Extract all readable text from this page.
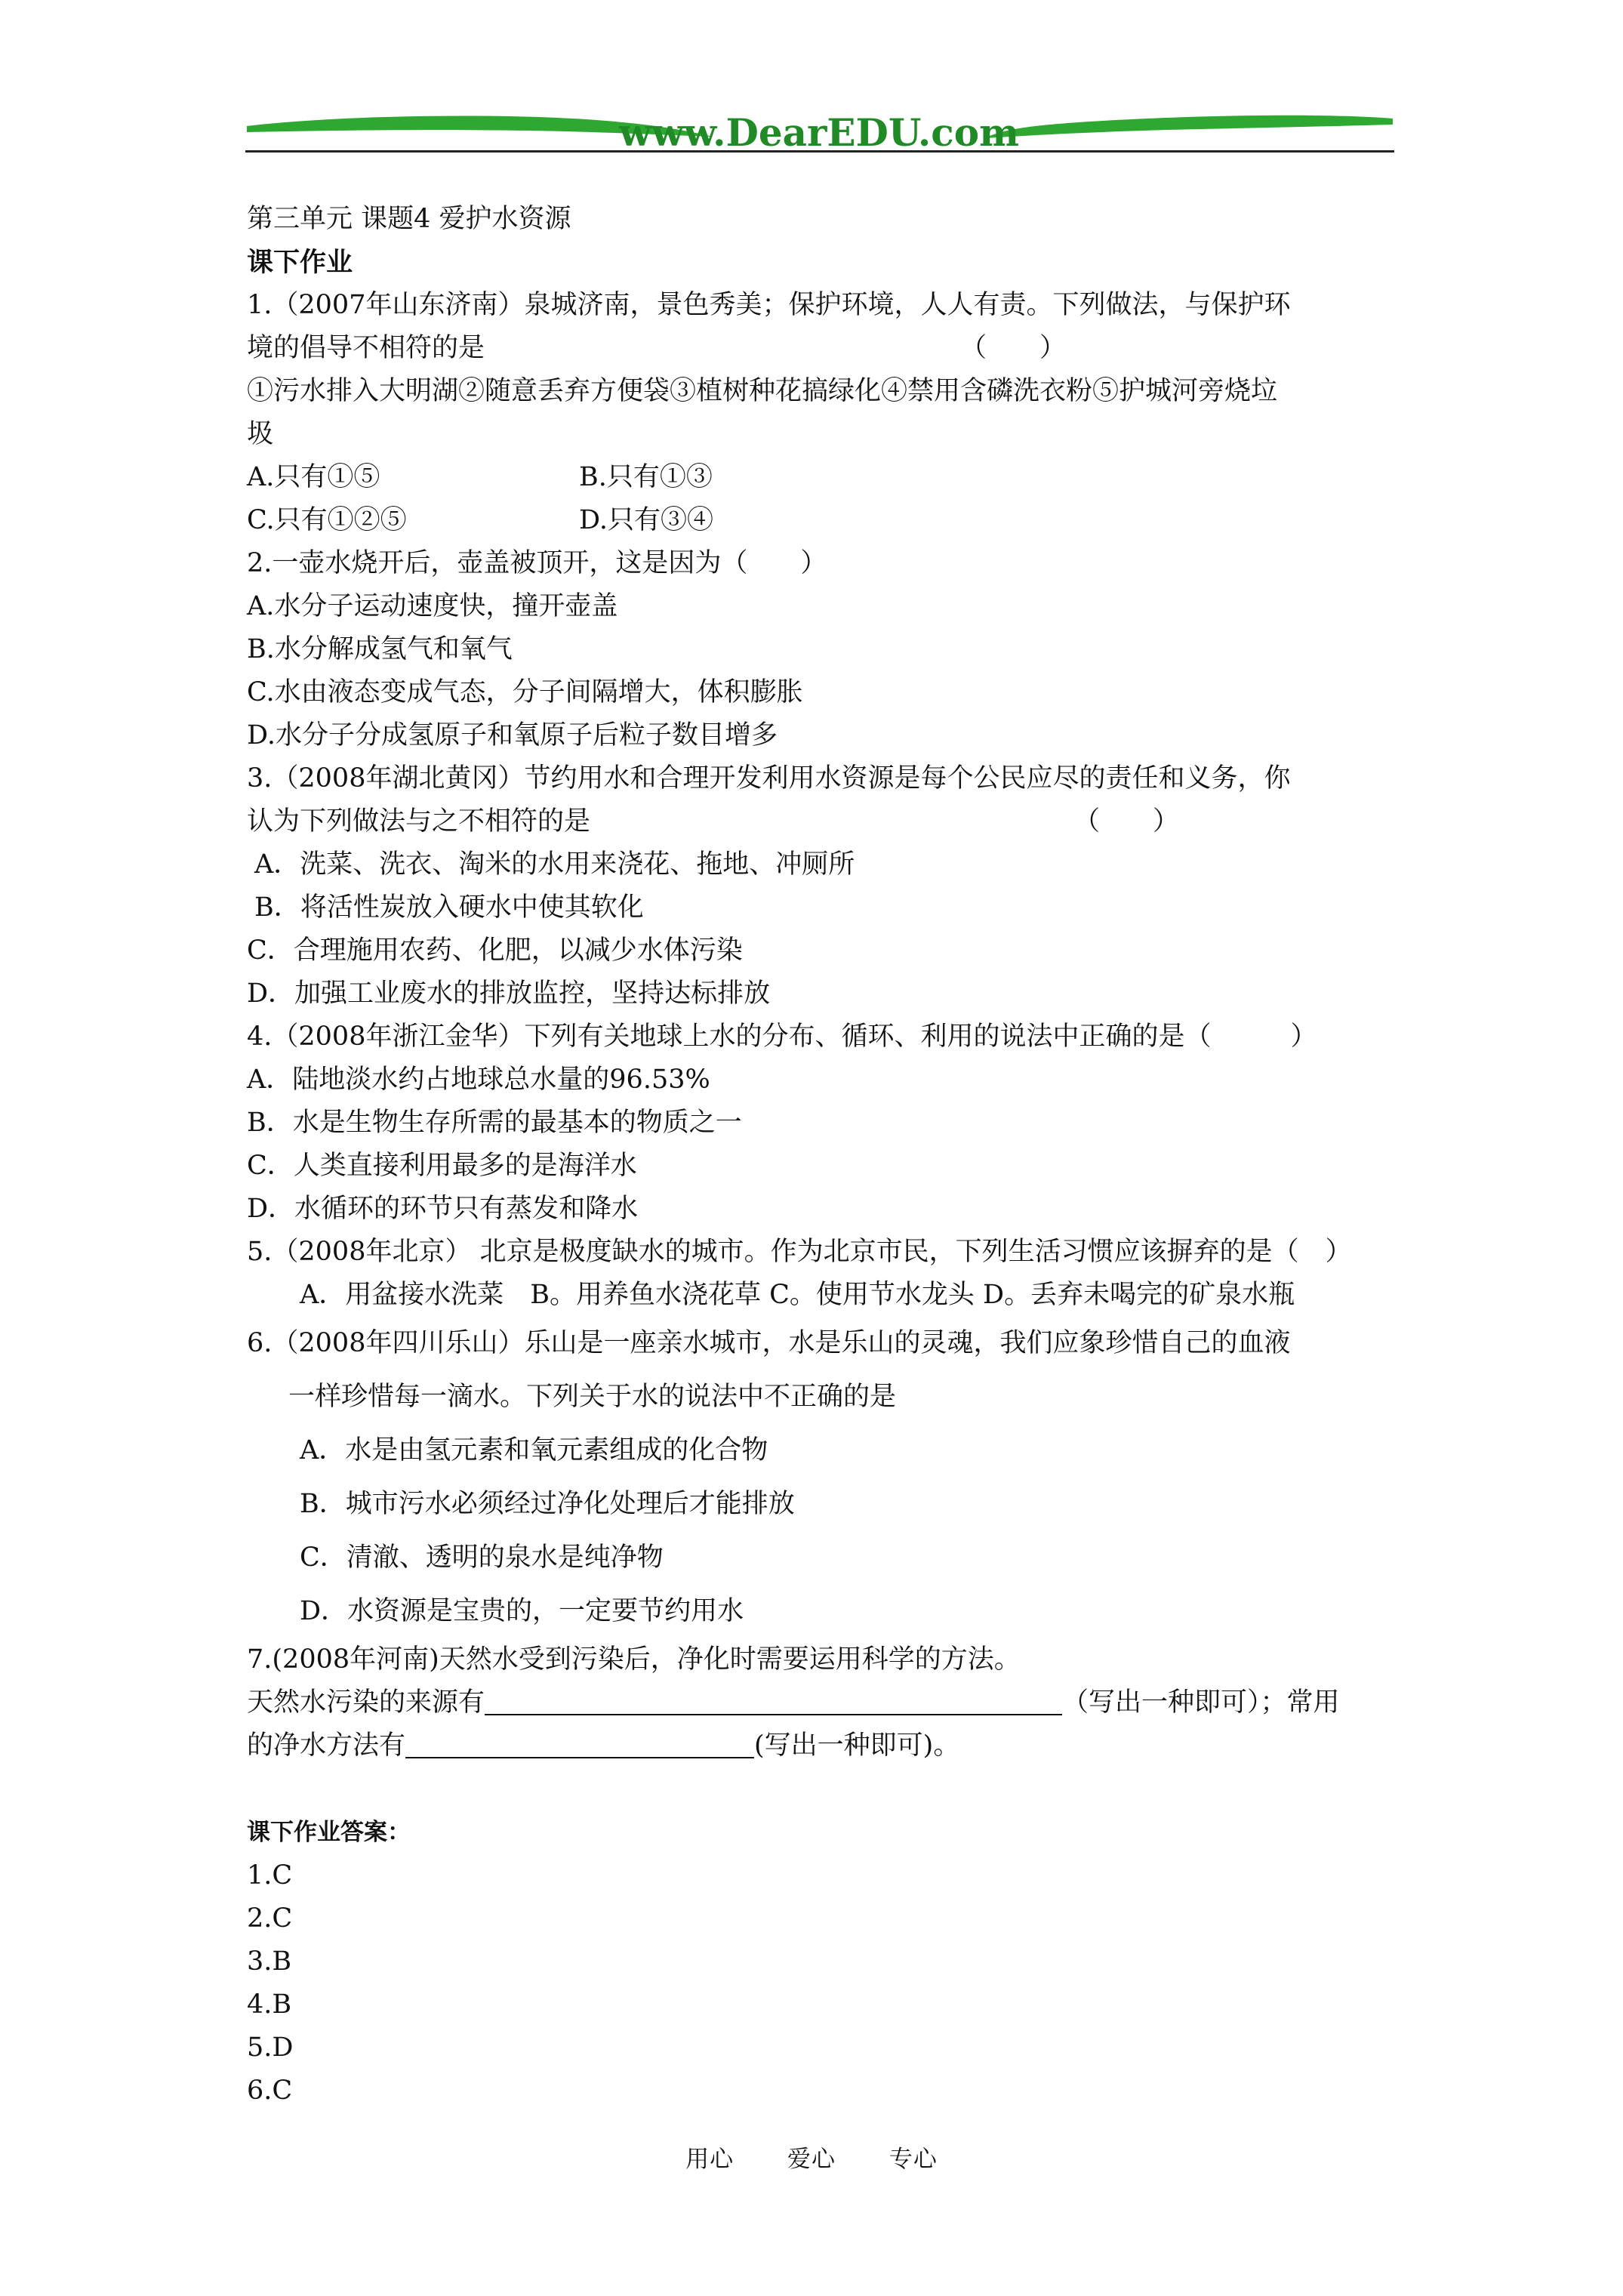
www.DearEDU.com
第三单元 课题4 爱护水资源
课下作业
1.（2007年山东济南）泉城济南，景色秀美；保护环境，人人有责。下列做法，与保护环
境的倡导不相符的是	（　　）
①污水排入大明湖②随意丢弃方便袋③植树种花搞绿化④禁用含磷洗衣粉⑤护城河旁烧垃
圾
A.只有①⑤	B.只有①③
C.只有①②⑤	D.只有③④
2.一壶水烧开后，壶盖被顶开，这是因为（　　）
A.水分子运动速度快，撞开壶盖
B.水分解成氢气和氧气
C.水由液态变成气态，分子间隔增大，体积膨胀
D.水分子分成氢原子和氧原子后粒子数目增多
3.（2008年湖北黄冈）节约用水和合理开发利用水资源是每个公民应尽的责任和义务，你
认为下列做法与之不相符的是	（　　）
A．洗菜、洗衣、淘米的水用来浇花、拖地、冲厕所
B．将活性炭放入硬水中使其软化
C．合理施用农药、化肥，以减少水体污染
D．加强工业废水的排放监控，坚持达标排放
4.（2008年浙江金华）下列有关地球上水的分布、循环、利用的说法中正确的是（　　　）
A．陆地淡水约占地球总水量的96.53%
B．水是生物生存所需的最基本的物质之一
C．人类直接利用最多的是海洋水
D．水循环的环节只有蒸发和降水
5.（2008年北京） 北京是极度缺水的城市。作为北京市民，下列生活习惯应该摒弃的是（　）
A．用盆接水洗菜　B。用养鱼水浇花草 C。使用节水龙头 D。丢弃未喝完的矿泉水瓶
6.（2008年四川乐山）乐山是一座亲水城市，水是乐山的灵魂，我们应象珍惜自己的血液
一样珍惜每一滴水。下列关于水的说法中不正确的是
A．水是由氢元素和氧元素组成的化合物
B．城市污水必须经过净化处理后才能排放
C．清澈、透明的泉水是纯净物
D．水资源是宝贵的，一定要节约用水
7.(2008年河南)天然水受到污染后，净化时需要运用科学的方法。
天然水污染的来源有	（写出一种即可）；常用
的净水方法有	(写出一种即可)。
课下作业答案：
1.C
2.C
3.B
4.B
5.D
6.C
用心 爱心 专心
